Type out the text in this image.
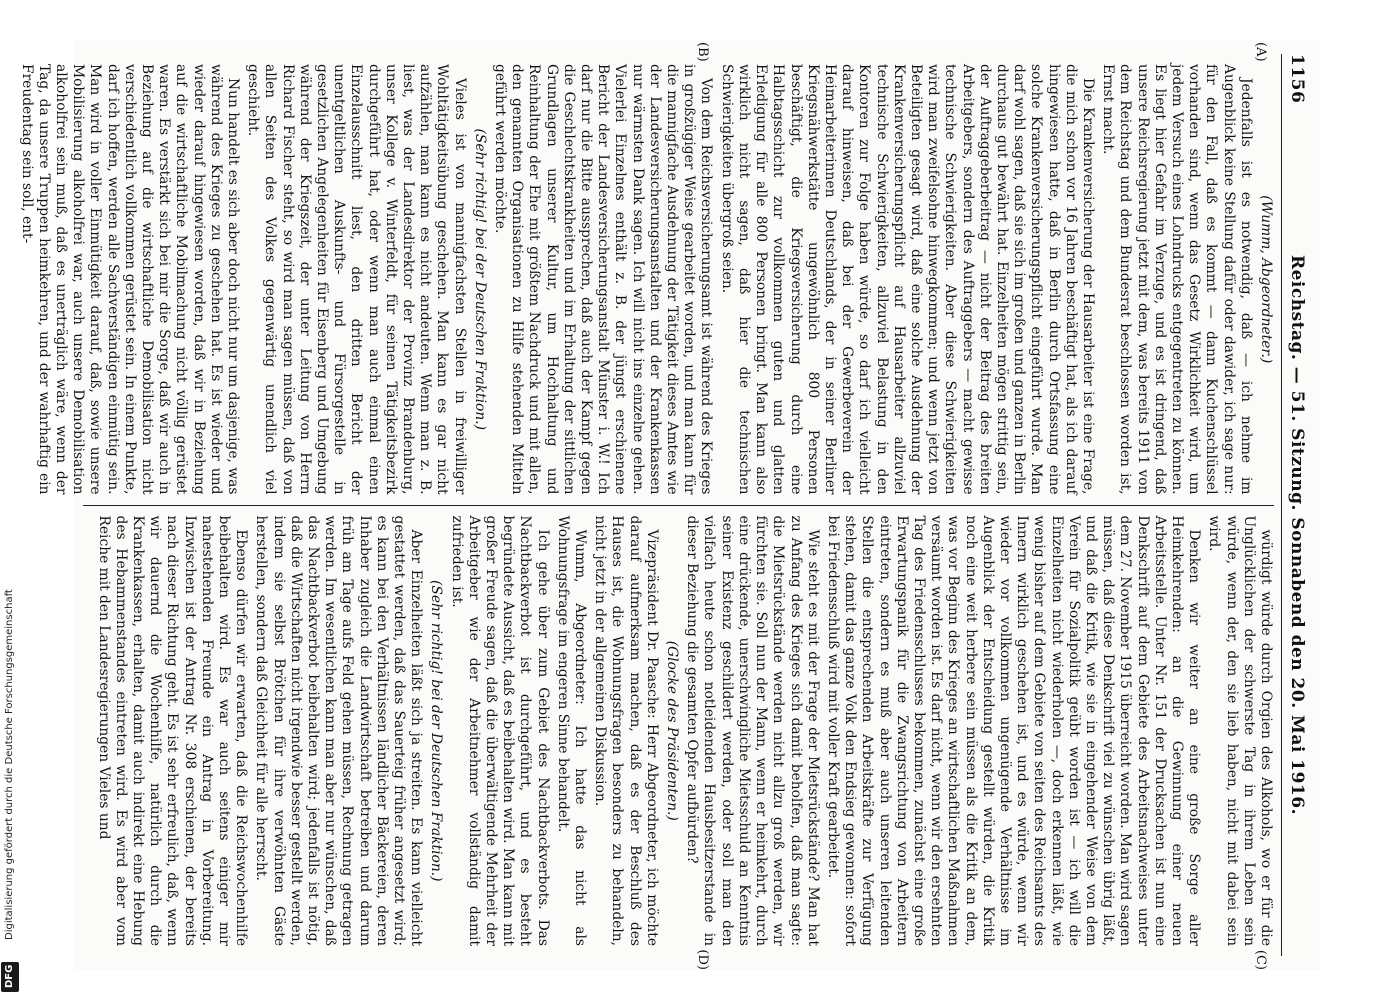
Digitalisierung gefördert durch die Deutsche Forschungsgemeinschaft
DFG
1156
Reichstag. — 51. Sitzung. Sonnabend den 20. Mai 1916.
(A)
(B)
(C)
(D)

(Wumm, Abgeordneter.)

Jedenfalls ist es notwendig, daß — ich nehme im Augenblick keine Stellung dafür oder dawider, ich sage nur: für den Fall, daß es kommt — dann Kuchenschlüssel vorhanden sind, wenn das Gesetz Wirklichkeit wird, um jedem Versuch eines Lohndrucks entgegentreten zu können. Es liegt hier Gefahr im Verzuge, und es ist dringend, daß unsere Reichsregierung jetzt mit dem, was bereits 1911 von dem Reichstag und dem Bundesrat beschlossen worden ist, Ernst macht.

Die Krankenversicherung der Hausarbeiter ist eine Frage, die mich schon vor 16 Jahren beschäftigt hat, als ich darauf hingewiesen hatte, daß in Berlin durch Ortsfassung eine solche Krankenversicherungspflicht eingeführt wurde. Man darf wohl sagen, daß sie sich im großen und ganzen in Berlin durchaus gut bewährt hat. Einzelheiten mögen strittig sein, der Auftraggeberbeitrag — nicht der Beitrag des breiten Arbeitgebers, sondern des Auftraggebers — macht gewisse technische Schwierigkeiten. Aber diese Schwierigkeiten wird man zweifelsohne hinwegkommen; und wenn jetzt von Beteiligten gesagt wird, daß eine solche Ausdehnung der Krankenversicherungspflicht auf Hausarbeiter allzuviel technische Schwierigkeiten, allzuviel Belastung in den Kontoren zur Folge haben würde, so darf ich vielleicht darauf hinweisen, daß bei der Gewerbeverein der Heimarbeiterinnen Deutschlands, der in seiner Berliner Kriegsnähwerkstätte ungewöhnlich 800 Personen beschäftigt, die Kriegsversicherung durch eine Halbtagsschicht zur vollkommen guten und glatten Erledigung für alle 800 Personen bringt. Man kann also wirklich nicht sagen, daß hier die technischen Schwierigkeiten übergroß seien.

Von dem Reichsversicherungsamt ist während des Krieges in großzügiger Weise gearbeitet worden, und man kann für die mannigfache Ausdehnung der Tätigkeit dieses Amtes wie der Landesversicherungsanstalten und der Krankenkassen nur wärmsten Dank sagen. Ich will nicht ins einzelne gehen. Vielerlei Einzelnes enthält z. B. der jüngst erschienene Bericht der Landesversicherungsanstalt Münster i. W.! Ich darf nur die Bitte aussprechen, daß auch der Kampf gegen die Geschlechtskrankheiten und im Erhaltung der sittlichen Grundlagen unserer Kultur, um Hochhaltung und Reinhaltung der Ehe mit größtem Nachdruck und mit allen, den genannten Organisationen zu Hilfe stehenden Mitteln geführt werden möchte.

(Sehr richtig! bei der Deutschen Fraktion.)

Vieles ist von mannigfachsten Stellen in freiwilliger Wohltätigkeitsübung geschehen. Man kann es gar nicht aufzählen, man kann es nicht andeuten. Wenn man z. B. liest, was der Landesdirektor der Provinz Brandenburg, unser Kollege v. Winterfeldt, für seinen Tätigkeitsbezirk durchgeführt hat, oder wenn man auch einmal einen Einzelausschnitt liest, den dritten Bericht der unentgeltlichen Auskunfts- und Fürsorgestelle in gesetzlichen Angelegenheiten für Eisenberg und Umgebung während der Kriegszeit, der unter Leitung von Herrn Richard Fischer steht, so wird man sagen müssen, daß von allen Seiten des Volkes gegenwärtig unendlich viel geschieht.

Nun handelt es sich aber doch nicht nur um dasjenige, was während des Krieges zu geschehen hat. Es ist wieder und wieder darauf hingewiesen worden, daß wir in Beziehung auf die wirtschaftliche Mobilmachung nicht völlig gerüstet waren. Es verstärkt sich bei mir die Sorge, daß wir auch in Beziehung auf die wirtschaftliche Demobilisation nicht verschiedentlich vollkommen gerüstet sein. In einem Punkte, darf ich hoffen, werden alle Sachverständigen einmütig sein. Man wird in voller Einmütigkeit darauf, daß, sowie unsere Mobilisierung alkoholfrei war, auch unsere Demobilisation alkoholfrei sein muß, daß es unerträglich wäre, wenn der Tag, da unsere Truppen heimkehren, und der wahrhaftig ein Freudentag sein soll, ent-

würdigt würde durch Orgien des Alkohols, wo er für die Unglücklichen der schwerste Tag in ihrem Leben sein würde, wenn der, den sie lieb haben, nicht mit dabei sein wird.

Denken wir weiter an eine große Sorge aller Heimkehrenden: an die Gewinnung einer neuen Arbeitsstelle. Unter Nr. 151 der Drucksachen ist nun eine Denkschrift auf dem Gebiete des Arbeitsnachweises unter dem 27. November 1915 überreicht worden. Man wird sagen müssen, daß diese Denkschrift viel zu wünschen übrig läßt, und daß die Kritik, wie sie in eingehender Weise von dem Verein für Sozialpolitik geübt worden ist — ich will die Einzelheiten nicht wiederholen —, doch erkennen läßt, wie wenig bisher auf dem Gebiete von seiten des Reichsamts des Innern wirklich geschehen ist, und es würde, wenn wir wieder vor vollkommen ungenügende Verhältnisse im Augenblick der Entscheidung gestellt würden, die Kritik noch eine weit herbere sein müssen als die Kritik an dem, was vor Beginn des Krieges an wirtschaftlichen Maßnahmen versäumt worden ist. Es darf nicht, wenn wir den ersehnten Tag des Friedensschlusses bekommen, zunächst eine große Erwartungspanik für die Zwangsrichtung von Arbeitern eintreten, sondern es muß aber auch unseren leitenden Stellen die entsprechenden Arbeitskräfte zur Verfügung stehen, damit das ganze Volk den Endsieg gewonnen: sofort bei Friedensschluß wird mit voller Kraft gearbeitet.

Wie steht es mit der Frage der Mietsrückstände? Man hat zu Anfang des Krieges sich damit beholfen, daß man sagte: die Mietsrückstände werden nicht allzu groß werden, wir fürchten sie. Soll nun der Mann, wenn er heimkehrt, durch eine drückende, unerschwingliche Mietsschuld an Kenntnis seiner Existenz geschildert werden, oder soll man den vielfach heute schon notleidenden Hausbesitzerstande in dieser Beziehung die gesamten Opfer aufbürden?

(Glocke des Präsidenten.)

Vizepräsident Dr. Paasche: Herr Abgeordneter, ich möchte darauf aufmerksam machen, daß es der Beschluß des Hauses ist, die Wohnungsfragen besonders zu behandeln, nicht jetzt in der allgemeinen Diskussion.

Wumm, Abgeordneter: Ich hatte das nicht als Wohnungsfrage im engeren Sinne behandelt.

Ich gehe über zum Gebiet des Nachtbackverbots. Das Nachtbackverbot ist durchgeführt, und es besteht begründete Aussicht, daß es beibehalten wird. Man kann mit großer Freude sagen, daß die überwältigende Mehrheit der Arbeitgeber wie der Arbeitnehmer vollständig damit zufrieden ist.

(Sehr richtig! bei der Deutschen Fraktion.)

Aber Einzelheiten läßt sich ja streiten. Es kann vielleicht gestattet werden, daß das Sauerteig früher angesetzt wird; es kann bei den Verhältnissen ländlicher Bäckereien, deren Inhaber zugleich die Landwirtschaft betreiben und darum früh am Tage aufs Feld gehen müssen, Rechnung getragen werden. Im wesentlichen kann man aber nur wünschen, daß das Nachtbackverbot beibehalten wird; jedenfalls ist nötig, daß die Wirtschaften nicht irgendwie besser gestellt werden, indem sie selbst Brötchen für ihre verwöhnten Gäste herstellen, sondern daß Gleichheit für alle herrscht.

Ebenso dürfen wir erwarten, daß die Reichswochenhilfe beibehalten wird. Es war auch seitens einiger mir nahestehenden Freunde ein Antrag in Vorbereitung. Inzwischen ist der Antrag Nr. 308 erschienen, der bereits nach dieser Richtung geht. Es ist sehr erfreulich, daß, wenn wir dauernd die Wochenhilfe, natürlich durch die Krankenkassen, erhalten, damit auch indirekt eine Hebung des Hebammenstandes eintreten wird. Es wird aber vom Reiche mit den Landesregierungen Vieles und
